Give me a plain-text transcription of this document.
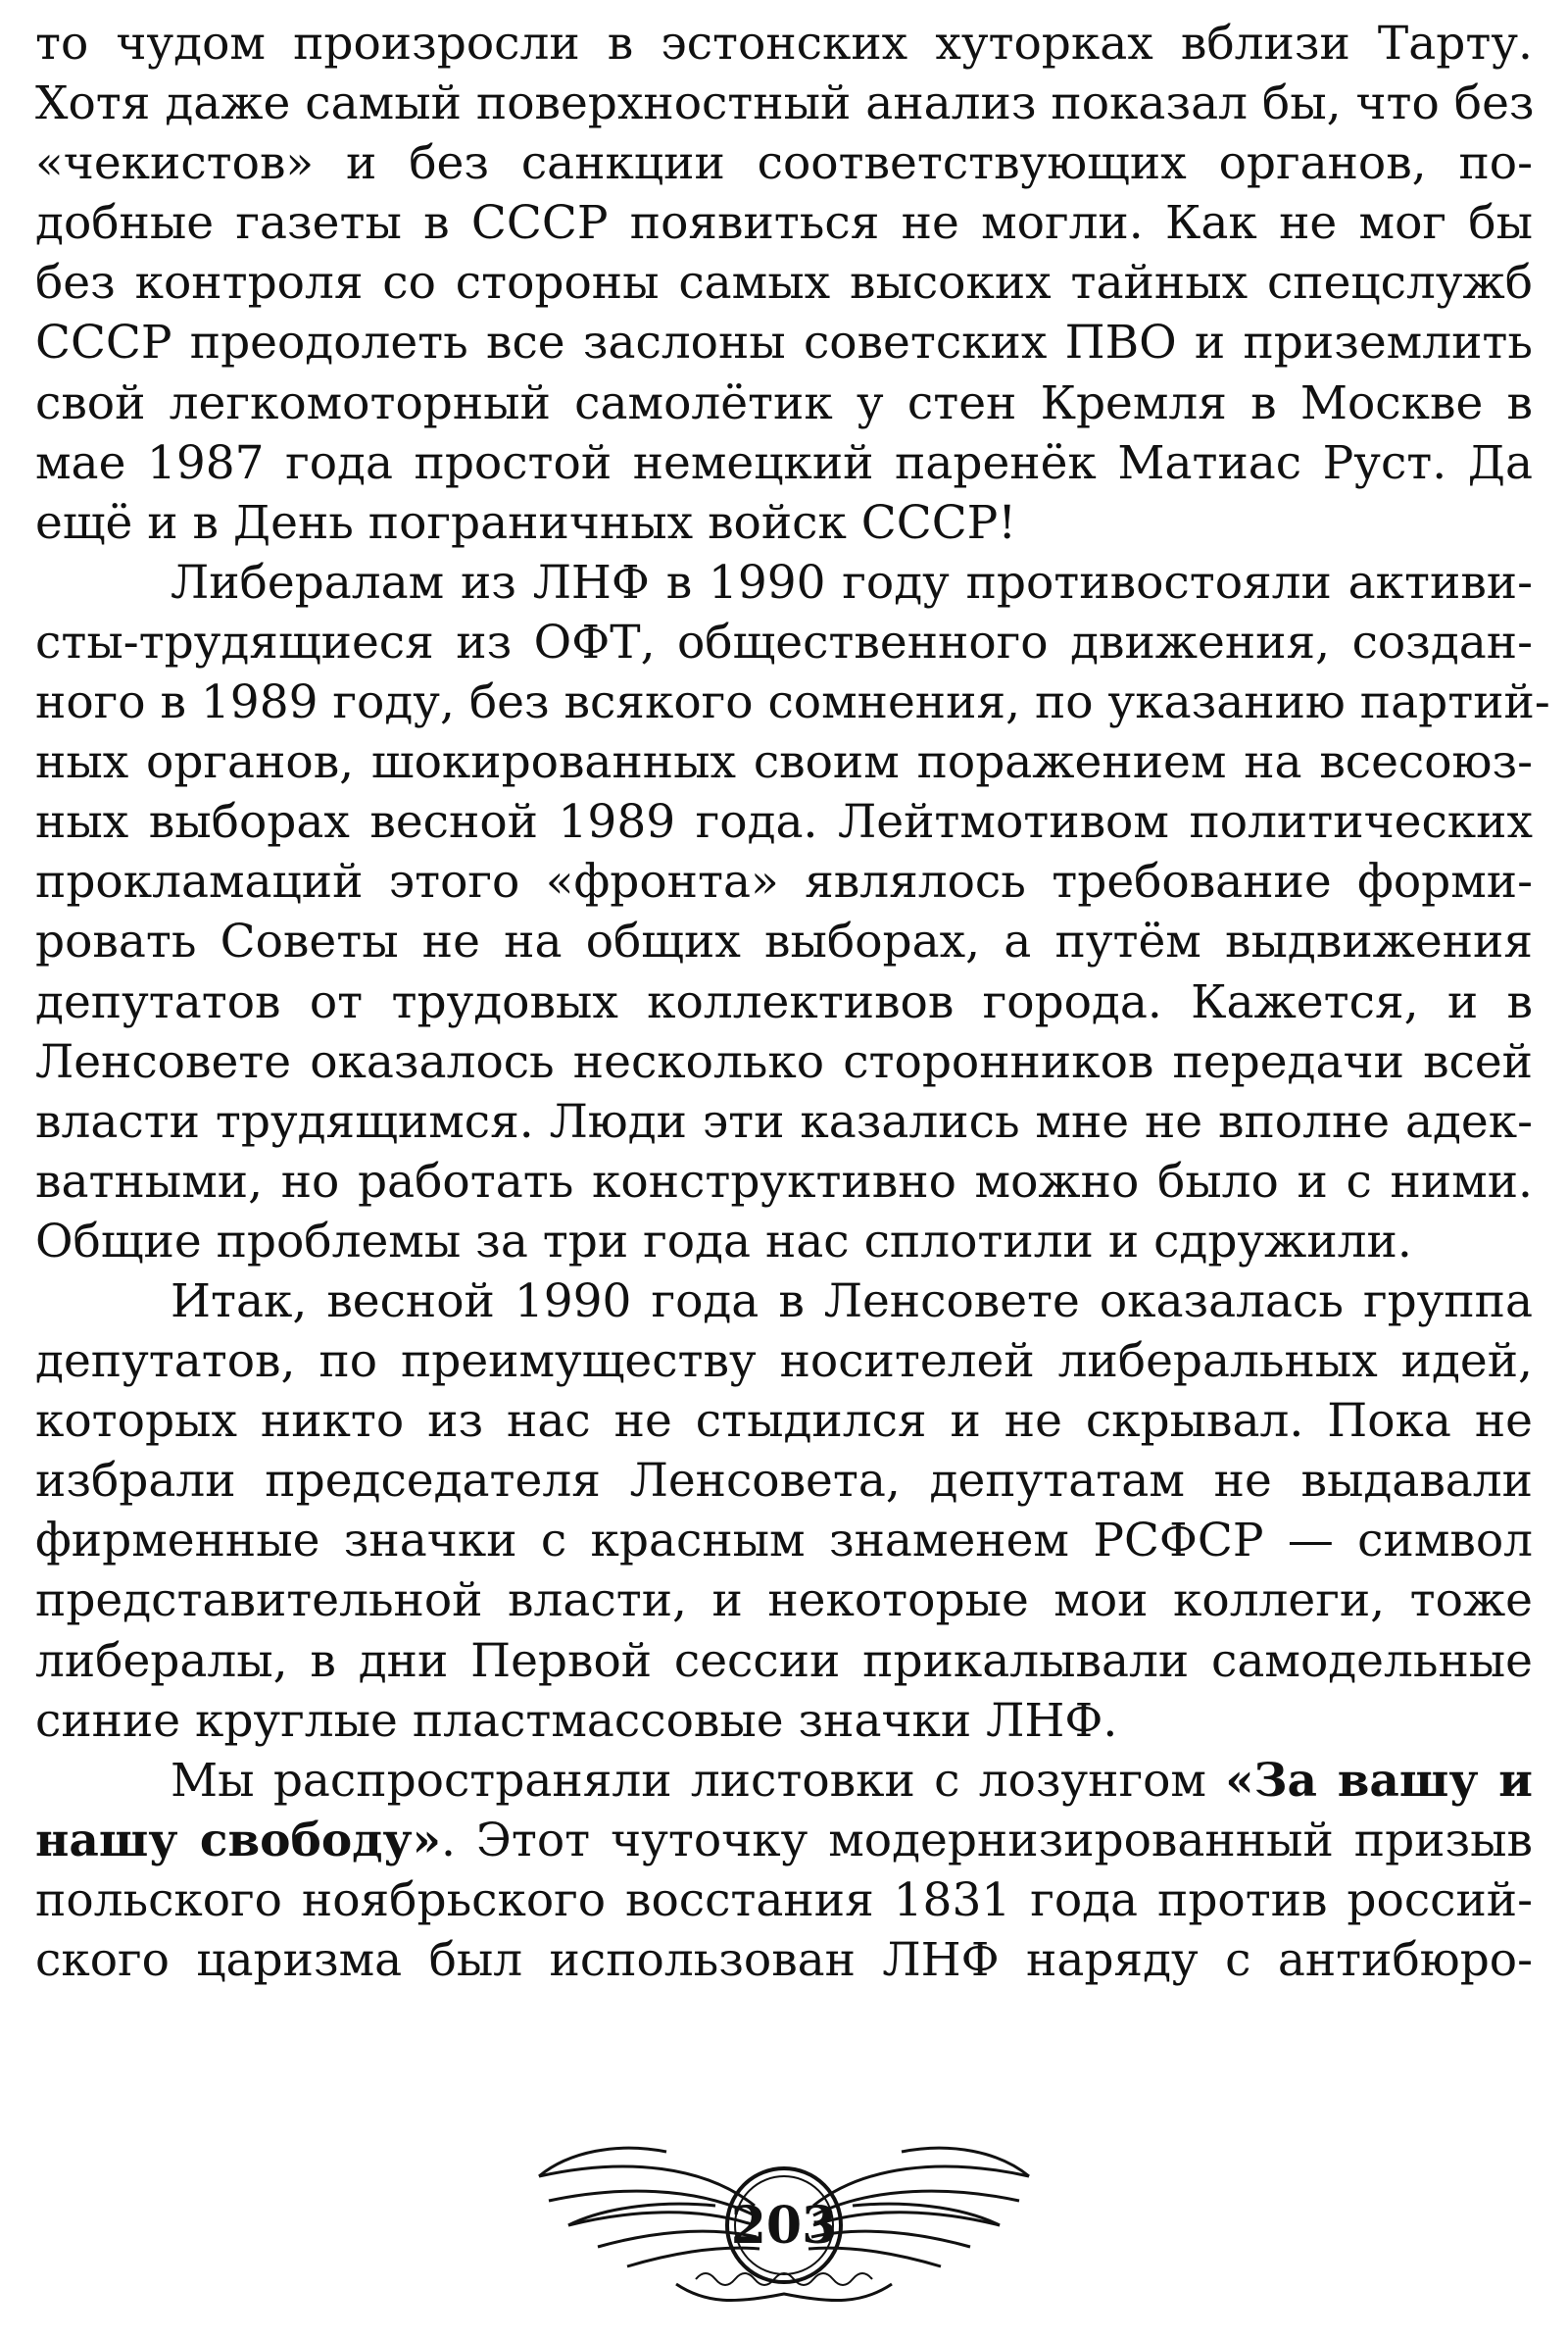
то чудом произросли в эстонских хуторках вблизи Тарту.
Хотя даже самый поверхностный анализ показал бы, что без
«чекистов» и без санкции соответствующих органов, по-
добные газеты в СССР появиться не могли. Как не мог бы
без контроля со стороны самых высоких тайных спецслужб
СССР преодолеть все заслоны советских ПВО и приземлить
свой легкомоторный самолётик у стен Кремля в Москве в
мае 1987 года простой немецкий паренёк Матиас Руст. Да
ещё и в День пограничных войск СССР!
Либералам из ЛНФ в 1990 году противостояли активи-
сты-трудящиеся из ОФТ, общественного движения, создан-
ного в 1989 году, без всякого сомнения, по указанию партий-
ных органов, шокированных своим поражением на всесоюз-
ных выборах весной 1989 года. Лейтмотивом политических
прокламаций этого «фронта» являлось требование форми-
ровать Советы не на общих выборах, а путём выдвижения
депутатов от трудовых коллективов города. Кажется, и в
Ленсовете оказалось несколько сторонников передачи всей
власти трудящимся. Люди эти казались мне не вполне адек-
ватными, но работать конструктивно можно было и с ними.
Общие проблемы за три года нас сплотили и сдружили.
Итак, весной 1990 года в Ленсовете оказалась группа
депутатов, по преимуществу носителей либеральных идей,
которых никто из нас не стыдился и не скрывал. Пока не
избрали председателя Ленсовета, депутатам не выдавали
фирменные значки с красным знаменем РСФСР — символ
представительной власти, и некоторые мои коллеги, тоже
либералы, в дни Первой сессии прикалывали самодельные
синие круглые пластмассовые значки ЛНФ.
Мы распространяли листовки с лозунгом «За вашу и
нашу свободу». Этот чуточку модернизированный призыв
польского ноябрьского восстания 1831 года против россий-
ского царизма был использован ЛНФ наряду с антибюро-
203
